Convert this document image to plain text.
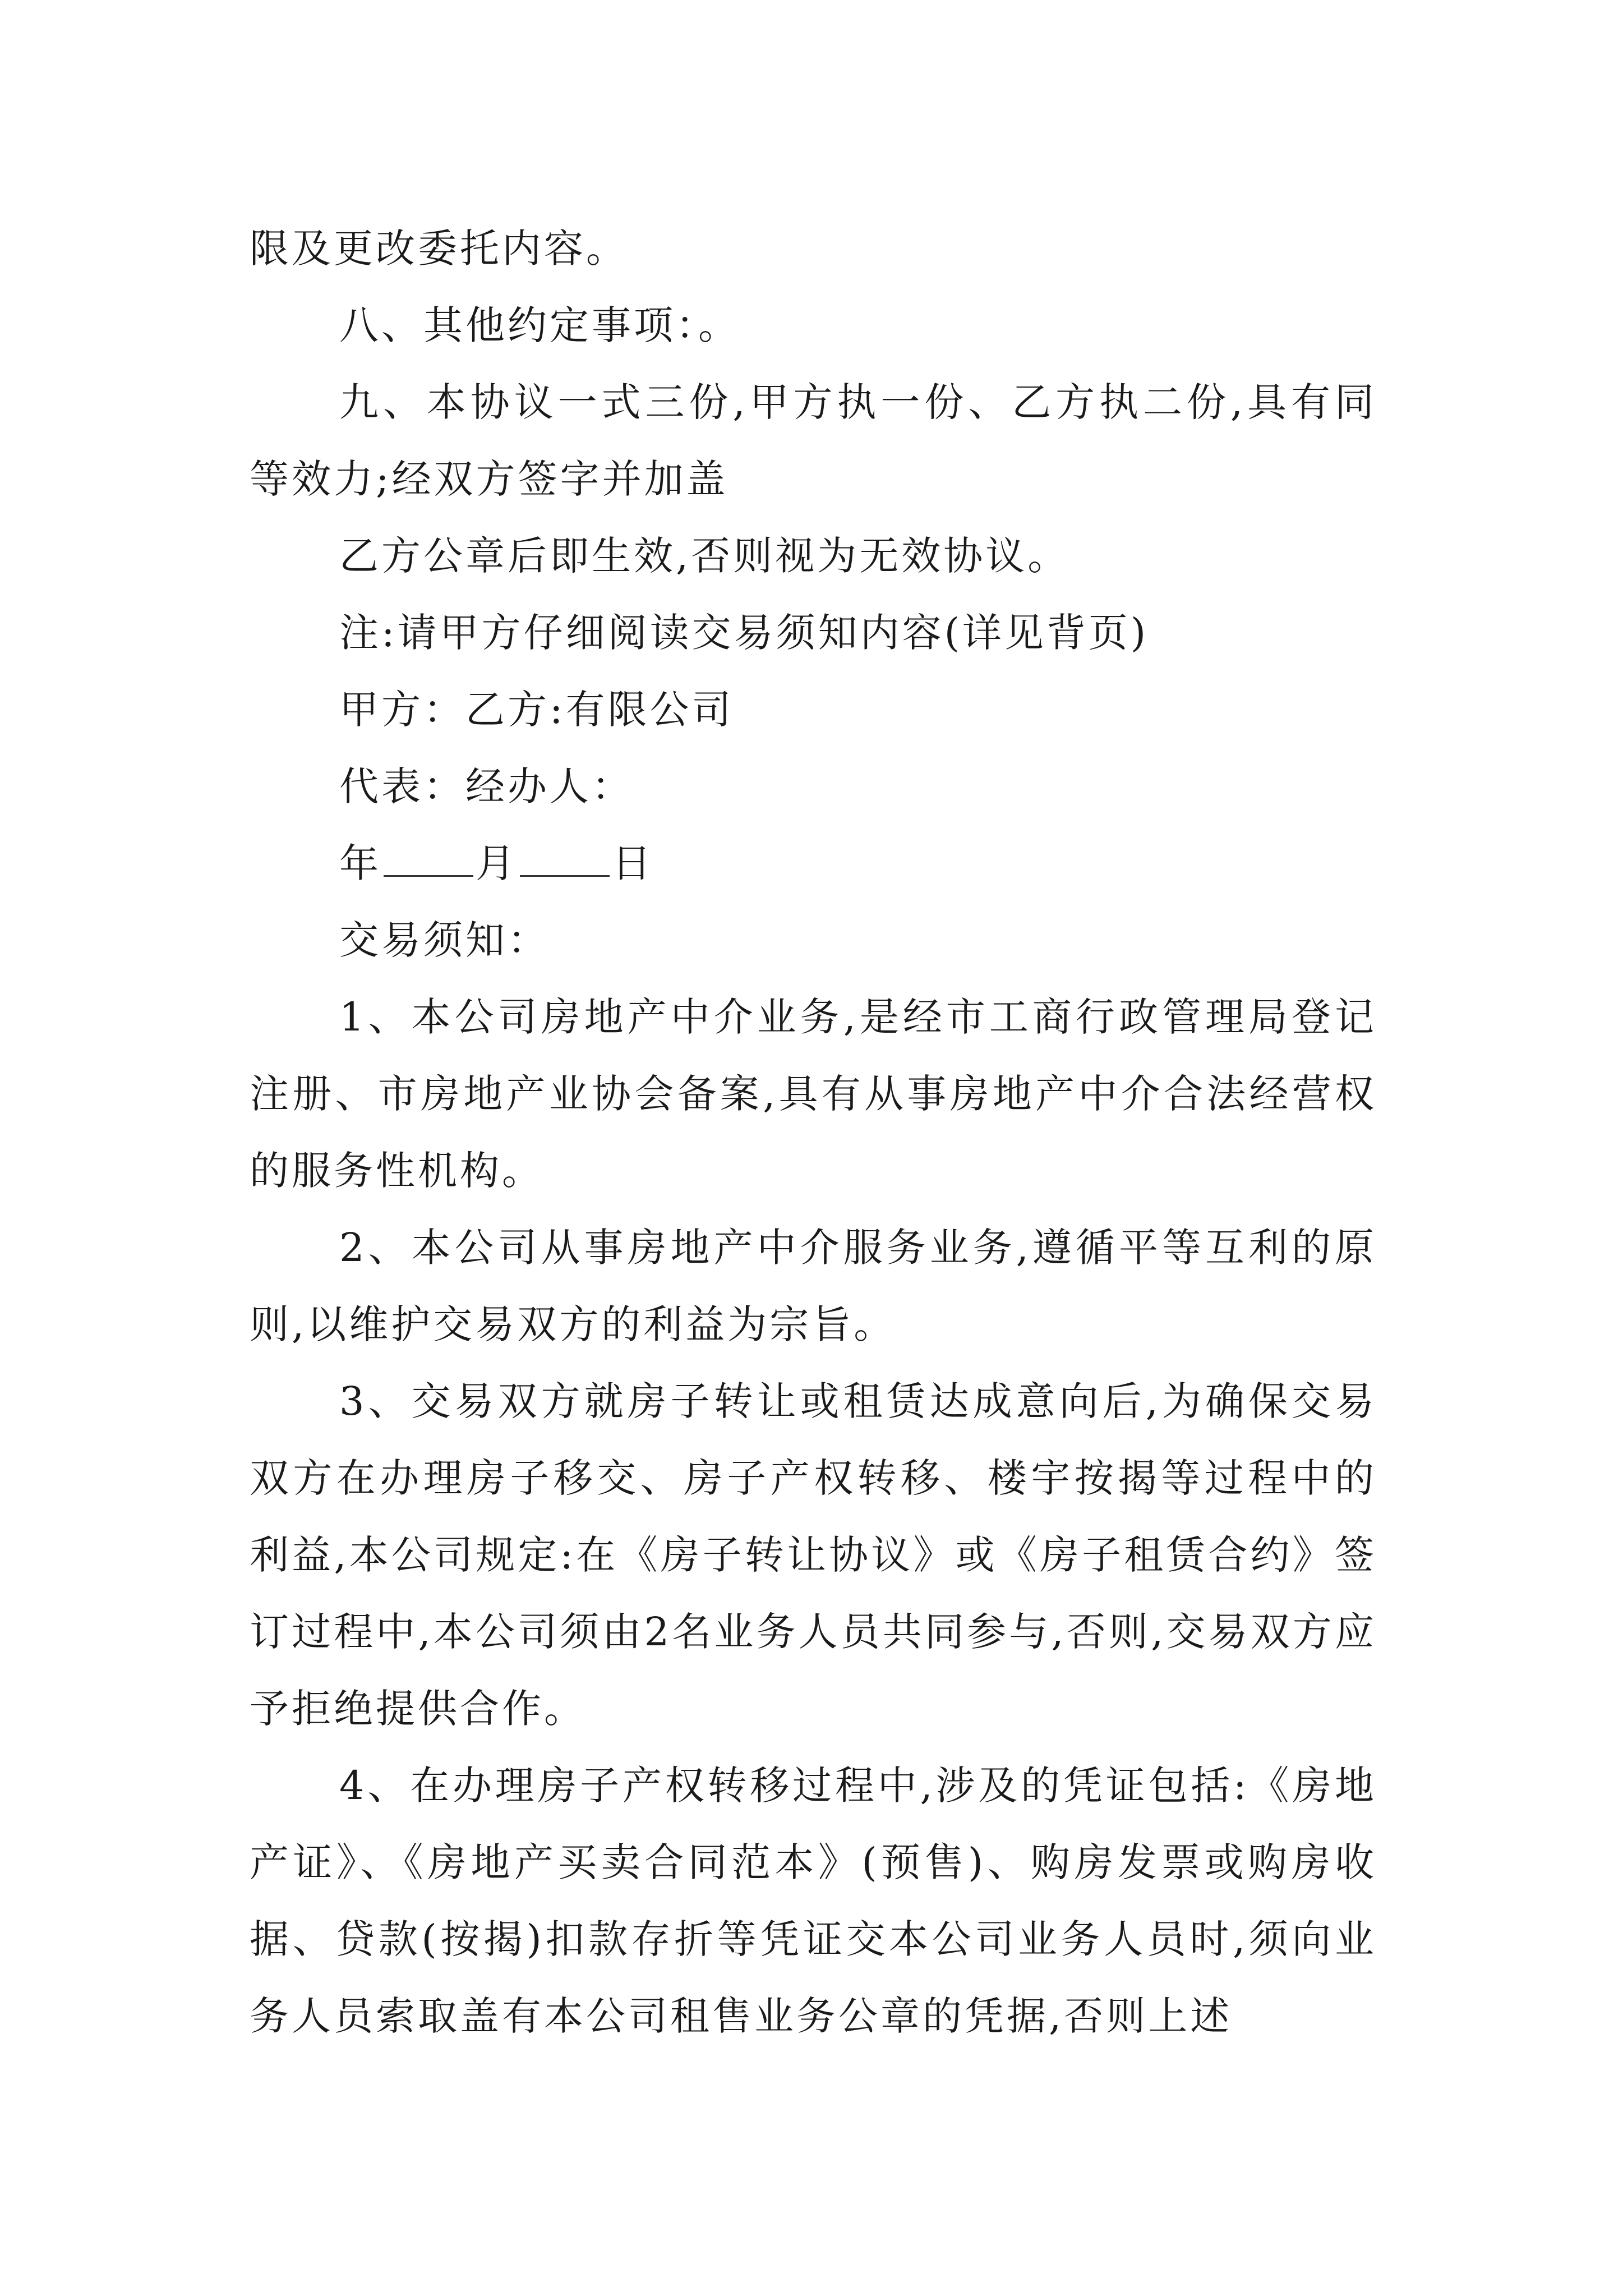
限及更改委托内容。

八、其他约定事项：。

九、本协议一式三份,甲方执一份、乙方执二份,具有同等效力;经双方签字并加盖

乙方公章后即生效,否则视为无效协议。

注:请甲方仔细阅读交易须知内容(详见背页)

甲方：乙方:有限公司

代表：经办人：

年 月 日

交易须知：

1、本公司房地产中介业务,是经市工商行政管理局登记注册、市房地产业协会备案,具有从事房地产中介合法经营权的服务性机构。

2、本公司从事房地产中介服务业务,遵循平等互利的原则,以维护交易双方的利益为宗旨。

3、交易双方就房子转让或租赁达成意向后,为确保交易双方在办理房子移交、房子产权转移、楼宇按揭等过程中的利益,本公司规定:在《房子转让协议》或《房子租赁合约》签订过程中,本公司须由2名业务人员共同参与,否则,交易双方应予拒绝提供合作。

4、在办理房子产权转移过程中,涉及的凭证包括:《房地产证》、《房地产买卖合同范本》(预售)、购房发票或购房收据、贷款(按揭)扣款存折等凭证交本公司业务人员时,须向业务人员索取盖有本公司租售业务公章的凭据,否则上述
